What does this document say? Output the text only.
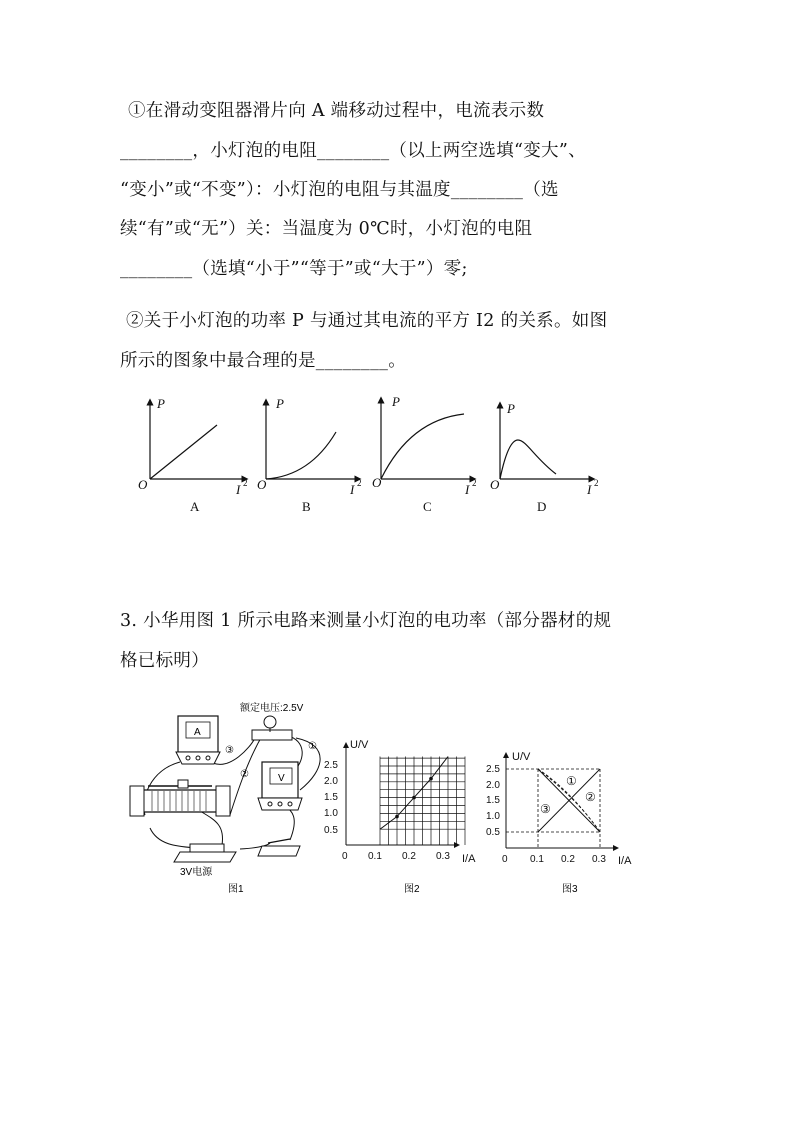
①在滑动变阻器滑片向 A 端移动过程中，电流表示数
________，小灯泡的电阻________（以上两空选填“变大”、
“变小”或“不变”）：小灯泡的电阻与其温度________（选
续“有”或“无”）关：当温度为 0℃时，小灯泡的电阻
________（选填“小于”“等于”或“大于”）零;
②关于小灯泡的功率 P 与通过其电流的平方 I2 的关系。如图
所示的图象中最合理的是________。
3. 小华用图 1 所示电路来测量小灯泡的电功率（部分器材的规
格已标明）
P
O	I 2
P
O	I 2
P
O	I 2
P
O	I 2
A	B	C	D
A
额定电压:2.5V
V
3V电源
③	①
②
图1
U/V
I/A
2.5
2.0
1.5
1.0
0.5
0 0.1 0.2 0.3
图2
U/V
I/A
2.5
2.0
1.5
1.0
0.5
0 0.1 0.2 0.3
①
②
③
图3
